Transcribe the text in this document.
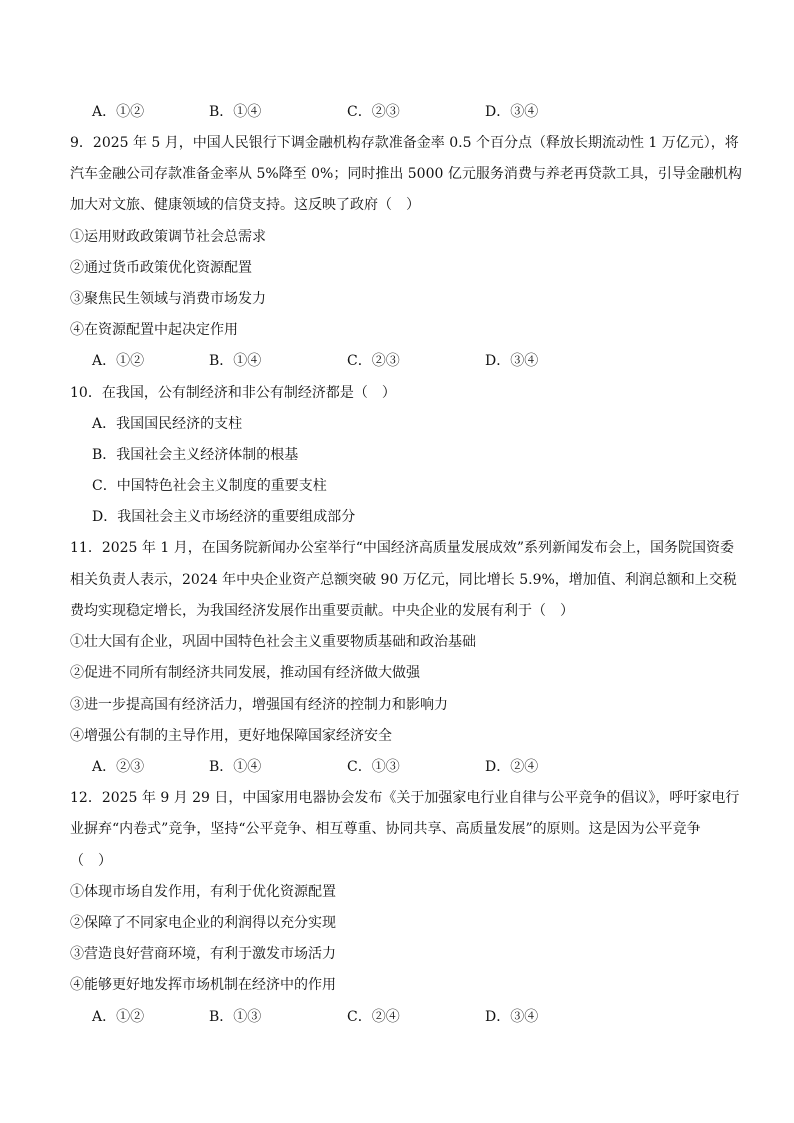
A．①②	B．①④	C．②③	D．③④
9．2025 年 5 月，中国人民银行下调金融机构存款准备金率 0.5 个百分点（释放长期流动性 1 万亿元），将
汽车金融公司存款准备金率从 5%降至 0%；同时推出 5000 亿元服务消费与养老再贷款工具，引导金融机构
加大对文旅、健康领域的信贷支持。这反映了政府（　）
①运用财政政策调节社会总需求
②通过货币政策优化资源配置
③聚焦民生领域与消费市场发力
④在资源配置中起决定作用
A．①②	B．①④	C．②③	D．③④
10．在我国，公有制经济和非公有制经济都是（　）
A．我国国民经济的支柱
B．我国社会主义经济体制的根基
C．中国特色社会主义制度的重要支柱
D．我国社会主义市场经济的重要组成部分
11．2025 年 1 月，在国务院新闻办公室举行“中国经济高质量发展成效”系列新闻发布会上，国务院国资委
相关负责人表示，2024 年中央企业资产总额突破 90 万亿元，同比增长 5.9%，增加值、利润总额和上交税
费均实现稳定增长，为我国经济发展作出重要贡献。中央企业的发展有利于（　）
①壮大国有企业，巩固中国特色社会主义重要物质基础和政治基础
②促进不同所有制经济共同发展，推动国有经济做大做强
③进一步提高国有经济活力，增强国有经济的控制力和影响力
④增强公有制的主导作用，更好地保障国家经济安全
A．②③	B．①④	C．①③	D．②④
12．2025 年 9 月 29 日，中国家用电器协会发布《关于加强家电行业自律与公平竞争的倡议》，呼吁家电行
业摒弃“内卷式”竞争，坚持“公平竞争、相互尊重、协同共享、高质量发展”的原则。这是因为公平竞争
（　）
①体现市场自发作用，有利于优化资源配置
②保障了不同家电企业的利润得以充分实现
③营造良好营商环境，有利于激发市场活力
④能够更好地发挥市场机制在经济中的作用
A．①②	B．①③	C．②④	D．③④
